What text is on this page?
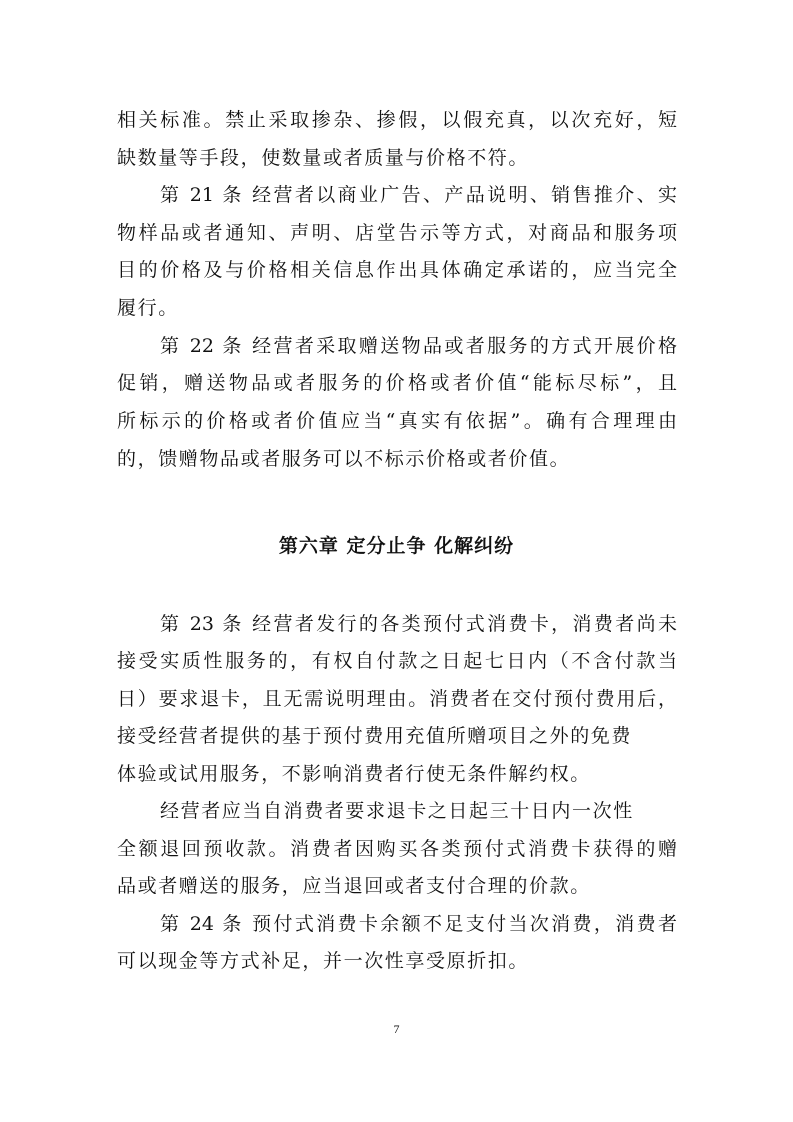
相关标准。禁止采取掺杂、掺假，以假充真，以次充好，短
缺数量等手段，使数量或者质量与价格不符。
第 21 条 经营者以商业广告、产品说明、销售推介、实
物样品或者通知、声明、店堂告示等方式，对商品和服务项
目的价格及与价格相关信息作出具体确定承诺的，应当完全
履行。
第 22 条 经营者采取赠送物品或者服务的方式开展价格
促销，赠送物品或者服务的价格或者价值“能标尽标”，且
所标示的价格或者价值应当“真实有依据”。确有合理理由
的，馈赠物品或者服务可以不标示价格或者价值。
第六章 定分止争 化解纠纷
第 23 条 经营者发行的各类预付式消费卡，消费者尚未
接受实质性服务的，有权自付款之日起七日内（不含付款当
日）要求退卡，且无需说明理由。消费者在交付预付费用后，
接受经营者提供的基于预付费用充值所赠项目之外的免费
体验或试用服务，不影响消费者行使无条件解约权。
经营者应当自消费者要求退卡之日起三十日内一次性
全额退回预收款。消费者因购买各类预付式消费卡获得的赠
品或者赠送的服务，应当退回或者支付合理的价款。
第 24 条 预付式消费卡余额不足支付当次消费，消费者
可以现金等方式补足，并一次性享受原折扣。
7
